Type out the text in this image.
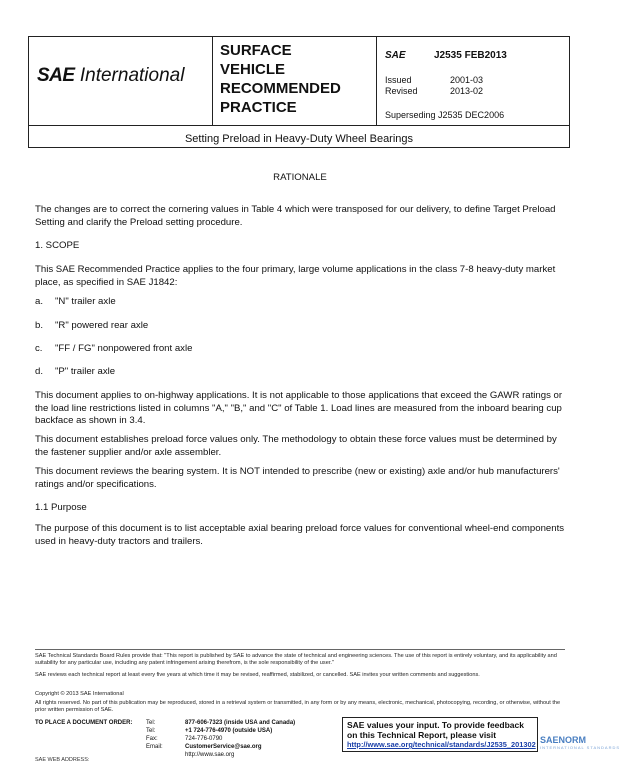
SAE International
SURFACE
VEHICLE
RECOMMENDED
PRACTICE
SAE	J2535 FEB2013
Issued	2001-03
Revised	2013-02
Superseding J2535 DEC2006
Setting Preload in Heavy-Duty Wheel Bearings
RATIONALE

The changes are to correct the cornering values in Table 4 which were transposed for our delivery, to define Target Preload Setting and clarify the Preload setting procedure.

1. SCOPE

This SAE Recommended Practice applies to the four primary, large volume applications in the class 7-8 heavy-duty market place, as specified in SAE J1842:

a. "N" trailer axle
b. "R" powered rear axle
c. "FF / FG" nonpowered front axle
d. "P" trailer axle

This document applies to on-highway applications. It is not applicable to those applications that exceed the GAWR ratings or the load line restrictions listed in columns "A," "B," and "C" of Table 1. Load lines are measured from the inboard bearing cup backface as shown in 3.4.

This document establishes preload force values only. The methodology to obtain these force values must be determined by the fastener supplier and/or axle assembler.

This document reviews the bearing system. It is NOT intended to prescribe (new or existing) axle and/or hub manufacturers' ratings and/or specifications.

1.1 Purpose

The purpose of this document is to list acceptable axial bearing preload force values for conventional wheel-end components used in heavy-duty tractors and trailers.

SAE Technical Standards Board Rules provide that: "This report is published by SAE to advance the state of technical and engineering sciences. The use of this report is entirely voluntary, and its applicability and suitability for any particular use, including any patent infringement arising therefrom, is the sole responsibility of the user."
SAE reviews each technical report at least every five years at which time it may be revised, reaffirmed, stabilized, or cancelled. SAE invites your written comments and suggestions.
Copyright © 2013 SAE International
All rights reserved. No part of this publication may be reproduced, stored in a retrieval system or transmitted, in any form or by any means, electronic, mechanical, photocopying, recording, or otherwise, without the prior written permission of SAE.
TO PLACE A DOCUMENT ORDER: Tel:	877-606-7323 (inside USA and Canada)
Tel:	+1 724-776-4970 (outside USA)
Fax:	724-776-0790
Email:	CustomerService@sae.org
http://www.sae.org
SAE values your input. To provide feedback
on this Technical Report, please visit
http://www.sae.org/technical/standards/J2535_201302 SAENORM
INTERNATIONAL STANDARDS
SAE WEB ADDRESS:
